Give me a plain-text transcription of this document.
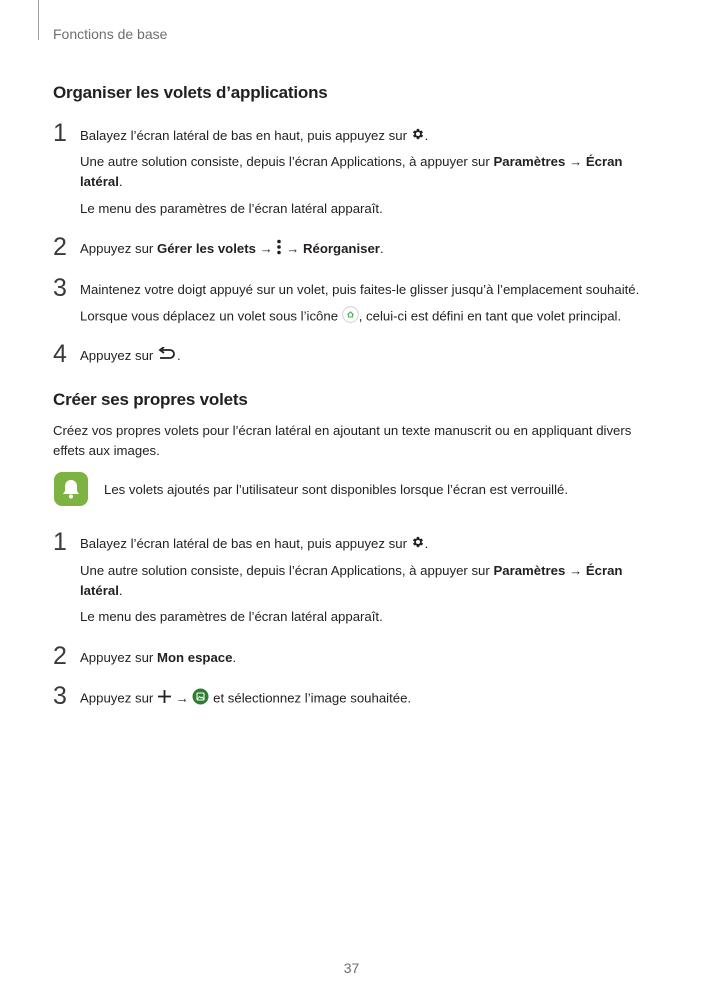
Fonctions de base
Organiser les volets d’applications
1 Balayez l’écran latéral de bas en haut, puis appuyez sur .
Une autre solution consiste, depuis l’écran Applications, à appuyer sur Paramètres → Écran
latéral.
Le menu des paramètres de l’écran latéral apparaît.
2 Appuyez sur Gérer les volets →  → Réorganiser.
3 Maintenez votre doigt appuyé sur un volet, puis faites-le glisser jusqu’à l’emplacement souhaité.
Lorsque vous déplacez un volet sous l’icône , celui-ci est défini en tant que volet principal.
4 Appuyez sur .
Créer ses propres volets
Créez vos propres volets pour l’écran latéral en ajoutant un texte manuscrit ou en appliquant divers
effets aux images.
Les volets ajoutés par l’utilisateur sont disponibles lorsque l’écran est verrouillé.
1 Balayez l’écran latéral de bas en haut, puis appuyez sur .
Une autre solution consiste, depuis l’écran Applications, à appuyer sur Paramètres → Écran
latéral.
Le menu des paramètres de l’écran latéral apparaît.
2 Appuyez sur Mon espace.
3 Appuyez sur  →  et sélectionnez l’image souhaitée.
37
